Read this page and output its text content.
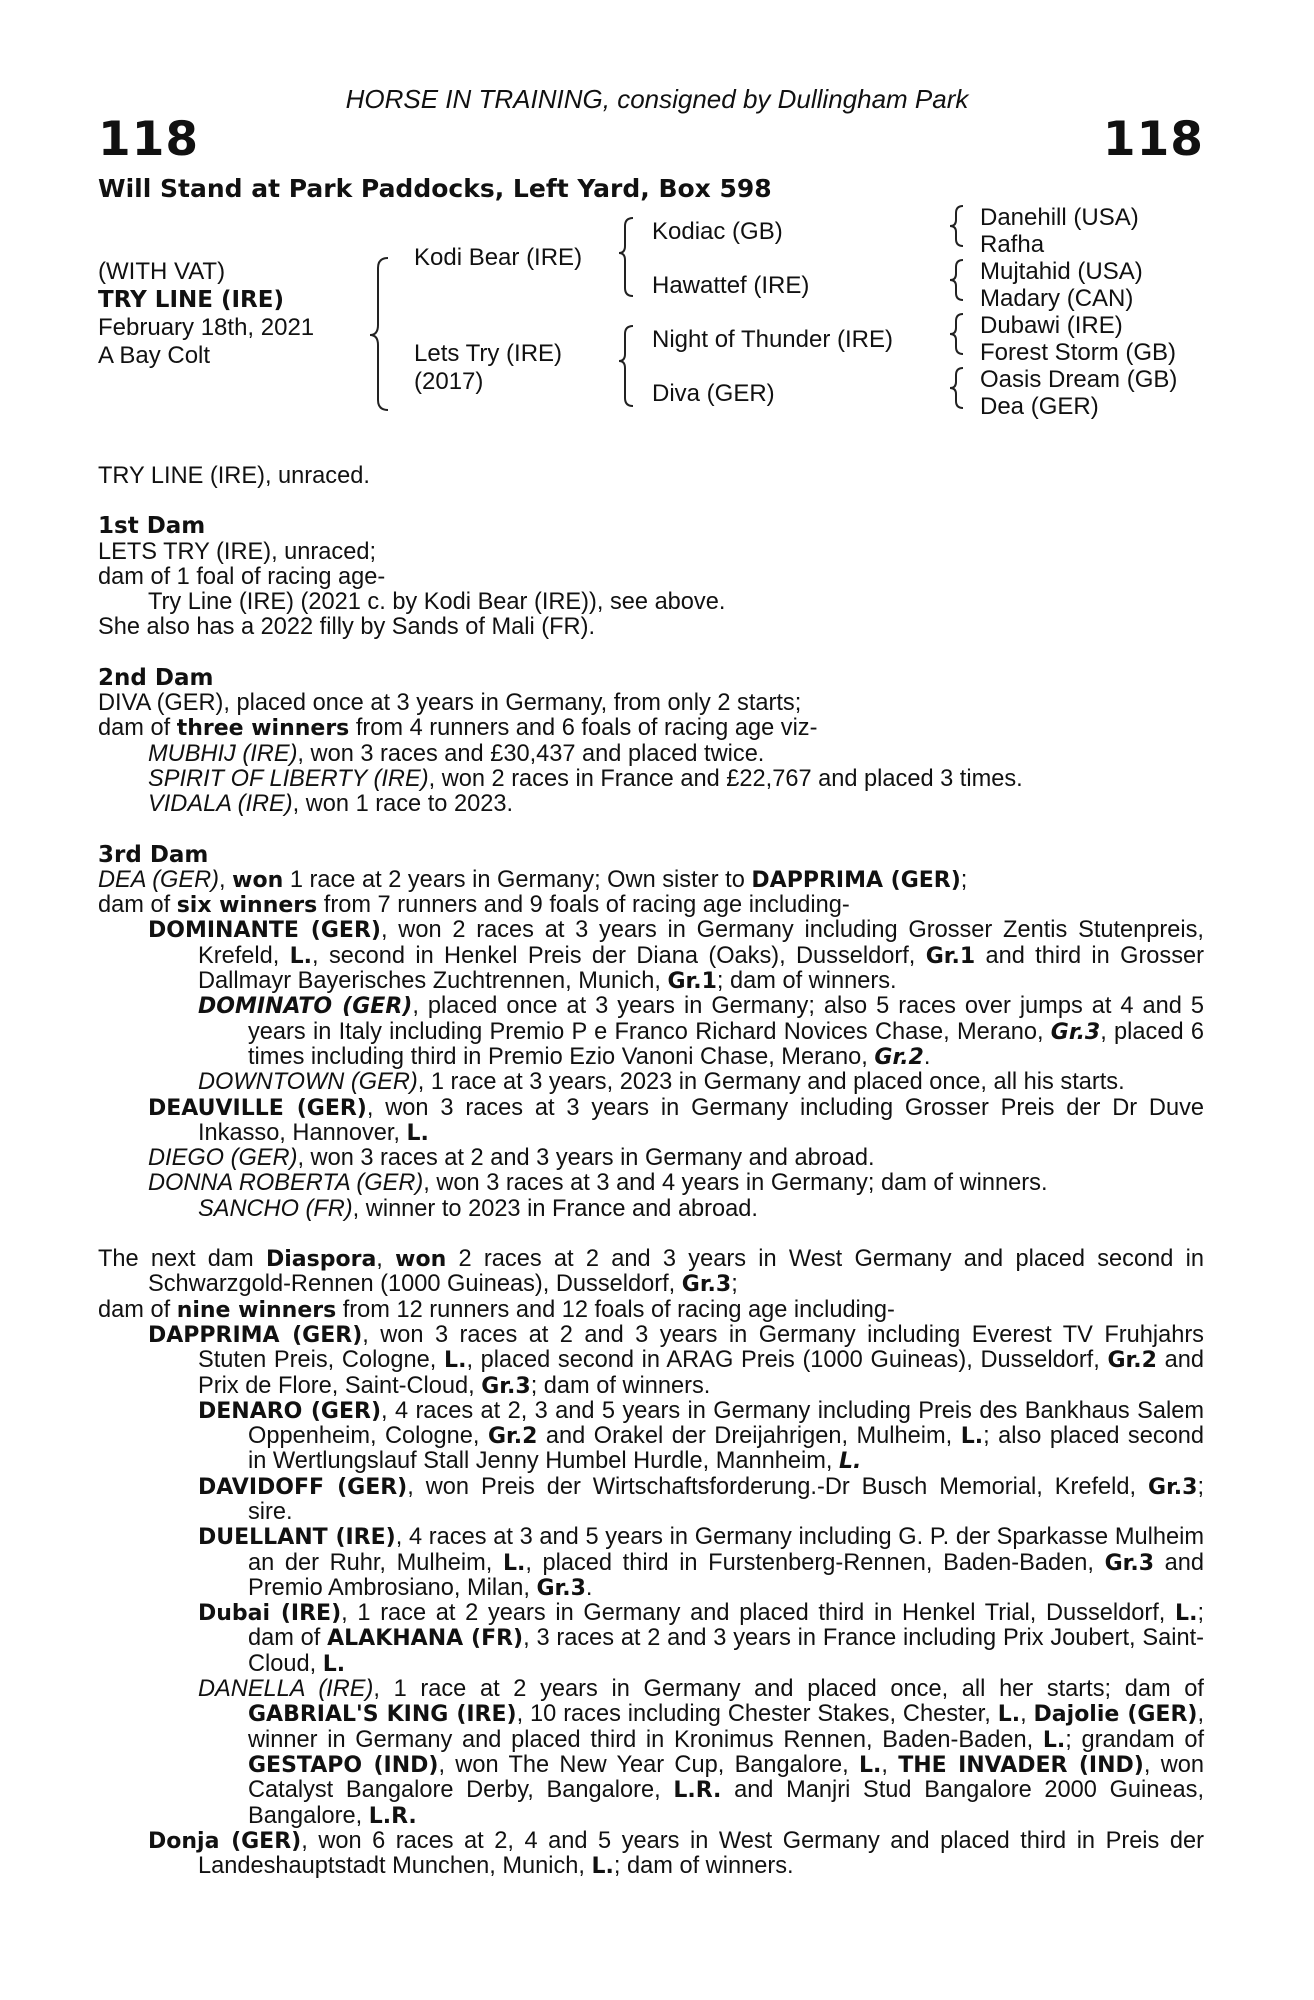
HORSE IN TRAINING, consigned by Dullingham Park
118	118
Will Stand at Park Paddocks, Left Yard, Box 598
(WITH VAT)
TRY LINE (IRE)
February 18th, 2021
A Bay Colt
Kodi Bear (IRE)
Lets Try (IRE)
(2017)
Kodiac (GB)
Hawattef (IRE)
Night of Thunder (IRE)
Diva (GER)
Danehill (USA)
Rafha
Mujtahid (USA)
Madary (CAN)
Dubawi (IRE)
Forest Storm (GB)
Oasis Dream (GB)
Dea (GER)

TRY LINE (IRE), unraced.

1st Dam

LETS TRY (IRE), unraced;

dam of 1 foal of racing age-

Try Line (IRE) (2021 c. by Kodi Bear (IRE)), see above.

She also has a 2022 filly by Sands of Mali (FR).

2nd Dam

DIVA (GER), placed once at 3 years in Germany, from only 2 starts;

dam of three winners from 4 runners and 6 foals of racing age viz-

MUBHIJ (IRE), won 3 races and £30,437 and placed twice.

SPIRIT OF LIBERTY (IRE), won 2 races in France and £22,767 and placed 3 times.

VIDALA (IRE), won 1 race to 2023.

3rd Dam

DEA (GER), won 1 race at 2 years in Germany; Own sister to DAPPRIMA (GER);

dam of six winners from 7 runners and 9 foals of racing age including-

DOMINANTE (GER), won 2 races at 3 years in Germany including Grosser Zentis Stutenpreis, Krefeld, L., second in Henkel Preis der Diana (Oaks), Dusseldorf, Gr.1 and third in Grosser Dallmayr Bayerisches Zuchtrennen, Munich, Gr.1; dam of winners.

DOMINATO (GER), placed once at 3 years in Germany; also 5 races over jumps at 4 and 5 years in Italy including Premio P e Franco Richard Novices Chase, Merano, Gr.3, placed 6 times including third in Premio Ezio Vanoni Chase, Merano, Gr.2.

DOWNTOWN (GER), 1 race at 3 years, 2023 in Germany and placed once, all his starts.

DEAUVILLE (GER), won 3 races at 3 years in Germany including Grosser Preis der Dr Duve Inkasso, Hannover, L.

DIEGO (GER), won 3 races at 2 and 3 years in Germany and abroad.

DONNA ROBERTA (GER), won 3 races at 3 and 4 years in Germany; dam of winners.

SANCHO (FR), winner to 2023 in France and abroad.

The next dam Diaspora, won 2 races at 2 and 3 years in West Germany and placed second in Schwarzgold-Rennen (1000 Guineas), Dusseldorf, Gr.3;

dam of nine winners from 12 runners and 12 foals of racing age including-

DAPPRIMA (GER), won 3 races at 2 and 3 years in Germany including Everest TV Fruhjahrs Stuten Preis, Cologne, L., placed second in ARAG Preis (1000 Guineas), Dusseldorf, Gr.2 and Prix de Flore, Saint-Cloud, Gr.3; dam of winners.

DENARO (GER), 4 races at 2, 3 and 5 years in Germany including Preis des Bankhaus Salem Oppenheim, Cologne, Gr.2 and Orakel der Dreijahrigen, Mulheim, L.; also placed second in Wertlungslauf Stall Jenny Humbel Hurdle, Mannheim, L.

DAVIDOFF (GER), won Preis der Wirtschaftsforderung.-Dr Busch Memorial, Krefeld, Gr.3; sire.

DUELLANT (IRE), 4 races at 3 and 5 years in Germany including G. P. der Sparkasse Mulheim an der Ruhr, Mulheim, L., placed third in Furstenberg-Rennen, Baden-Baden, Gr.3 and Premio Ambrosiano, Milan, Gr.3.

Dubai (IRE), 1 race at 2 years in Germany and placed third in Henkel Trial, Dusseldorf, L.; dam of ALAKHANA (FR), 3 races at 2 and 3 years in France including Prix Joubert, Saint-Cloud, L.

DANELLA (IRE), 1 race at 2 years in Germany and placed once, all her starts; dam of GABRIAL'S KING (IRE), 10 races including Chester Stakes, Chester, L., Dajolie (GER), winner in Germany and placed third in Kronimus Rennen, Baden-Baden, L.; grandam of GESTAPO (IND), won The New Year Cup, Bangalore, L., THE INVADER (IND), won Catalyst Bangalore Derby, Bangalore, L.R. and Manjri Stud Bangalore 2000 Guineas, Bangalore, L.R.

Donja (GER), won 6 races at 2, 4 and 5 years in West Germany and placed third in Preis der Landeshauptstadt Munchen, Munich, L.; dam of winners.
